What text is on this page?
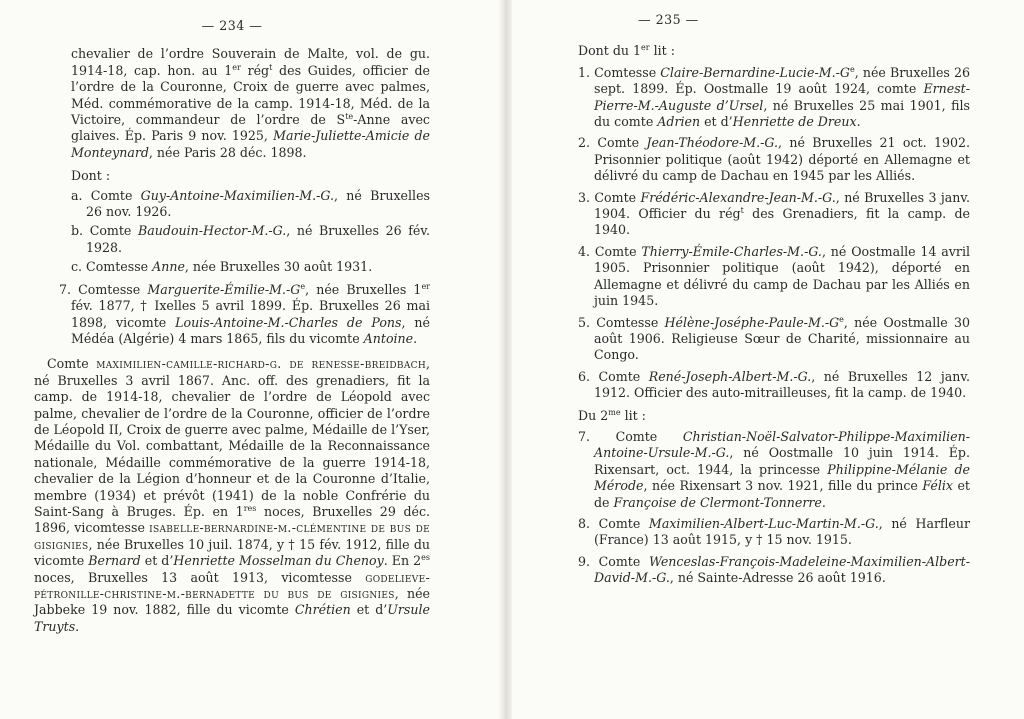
— 234 —

chevalier de l’ordre Souverain de Malte, vol. de gu. 1914-18, cap. hon. au 1er rég$^t$ des Guides, officier de l’ordre de la Couronne, Croix de guerre avec palmes, Méd. commémorative de la camp. 1914-18, Méd. de la Victoire, commandeur de l’ordre de $S^{te}$-Anne avec glaives. Ép. Paris 9 nov. 1925, Marie-Juliette-Amicie de Monteynard, née Paris 28 déc. 1898.

Dont :

a. Comte Guy-Antoine-Maximilien-M.-G., né Bruxelles 26 nov. 1926.

b. Comte Baudouin-Hector-M.-G., né Bruxelles 26 fév. 1928.

c. Comtesse Anne, née Bruxelles 30 août 1931.

7. Comtesse Marguerite-$Émilie-M.-G^e$, née Bruxelles 1er fév. 1877, † Ixelles 5 avril 1899. Ép. Bruxelles 26 mai 1898, vicomte Louis-Antoine-M.-Charles de Pons, né Médéa (Algérie) 4 mars 1865, fils du vicomte Antoine.

Comte maximilien-camille-richard-g. de renesse-breidbach, né Bruxelles 3 avril 1867. Anc. off. des grenadiers, fit la camp. de 1914-18, chevalier de l’ordre de Léopold avec palme, chevalier de l’ordre de la Couronne, officier de l’ordre de Léopold II, Croix de guerre avec palme, Médaille de l’Yser, Médaille du Vol. combattant, Médaille de la Reconnaissance nationale, Médaille commémorative de la guerre 1914-18, chevalier de la Légion d’honneur et de la Couronne d’Italie, membre (1934) et prévôt (1941) de la noble Confrérie du Saint-Sang à Bruges. Ép. en 1res noces, Bruxelles 29 déc. 1896, vicomtesse isabelle-bernardine-m.-clémentine de bus de gisignies, née Bruxelles 10 juil. 1874, y † 15 fév. 1912, fille du vicomte Bernard et d’Henriette Mosselman du Chenoy. En $2^{es}$ noces, Bruxelles 13 août 1913, vicomtesse godelieve-pétronille-christine-m.-bernadette du bus de gisignies, née Jabbeke 19 nov. 1882, fille du vicomte Chrétien et d’Ursule Truyts.

— 235 —

Dont du 1er lit :

1. Comtesse Claire-$Bernardine-Lucie-M.-G^e$, née Bruxelles 26 sept. 1899. Ép. Oostmalle 19 août 1924, comte Ernest-Pierre-M.-Auguste d’Ursel, né Bruxelles 25 mai 1901, fils du comte Adrien et d’Henriette de Dreux.

2. Comte Jean-Théodore-M.-G., né Bruxelles 21 oct. 1902. Prisonnier politique (août 1942) déporté en Allemagne et délivré du camp de Dachau en 1945 par les Alliés.

3. Comte Frédéric-Alexandre-Jean-M.-G., né Bruxelles 3 janv. 1904. Officier du rég$^t$ des Grenadiers, fit la camp. de 1940.

4. Comte Thierry-Émile-Charles-M.-G., né Oostmalle 14 avril 1905. Prisonnier politique (août 1942), déporté en Allemagne et délivré du camp de Dachau par les Alliés en juin 1945.

5. Comtesse Hélène-$Joséphe-Paule-M.-G^e$, née Oostmalle 30 août 1906. Religieuse Sœur de Charité, missionnaire au Congo.

6. Comte René-Joseph-Albert-M.-G., né Bruxelles 12 janv. 1912. Officier des auto-mitrailleuses, fit la camp. de 1940.

Du $2^{me}$ lit :

7. Comte Christian-Noël-Salvator-Philippe-Maximilien-Antoine-Ursule-M.-G., né Oostmalle 10 juin 1914. Ép. Rixensart, oct. 1944, la princesse Philippine-Mélanie de Mérode, née Rixensart 3 nov. 1921, fille du prince Félix et de Françoise de Clermont-Tonnerre.

8. Comte Maximilien-Albert-Luc-Martin-M.-G., né Harfleur (France) 13 août 1915, y † 15 nov. 1915.

9. Comte Wenceslas-François-Madeleine-Maximilien-Albert-David-M.-G., né Sainte-Adresse 26 août 1916.
